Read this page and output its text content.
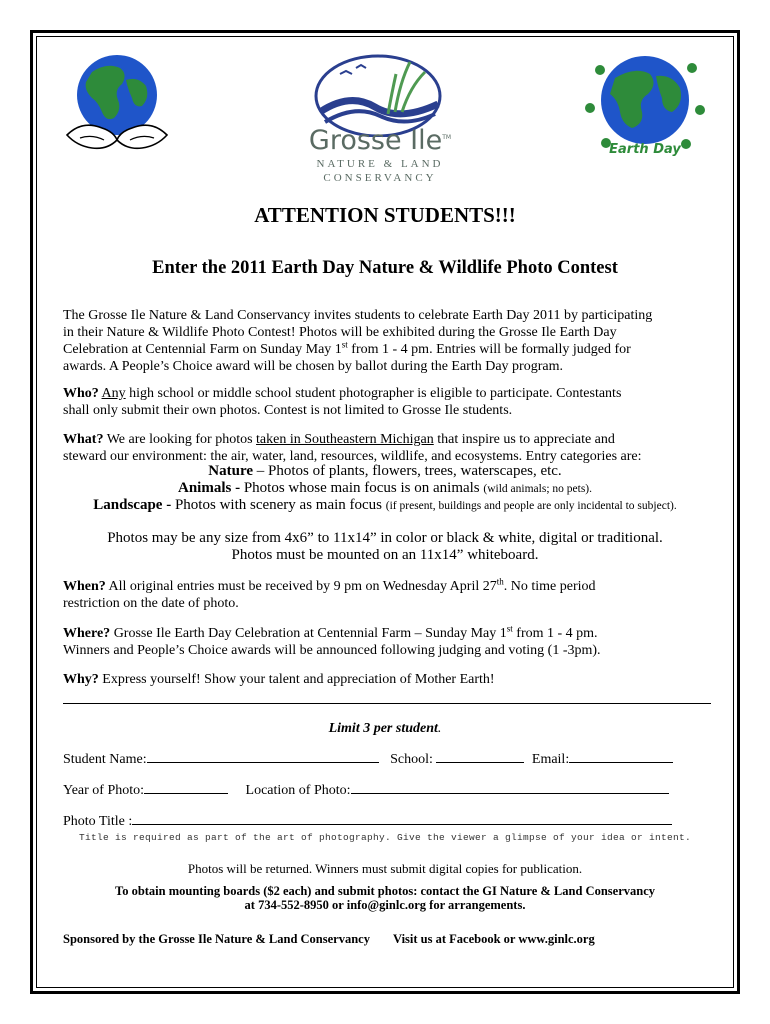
Grosse Ile™
NATURE & LAND
CONSERVANCY
Earth Day
ATTENTION STUDENTS!!!
Enter the 2011 Earth Day Nature & Wildlife Photo Contest
The Grosse Ile Nature & Land Conservancy invites students to celebrate Earth Day 2011 by participating
in their Nature & Wildlife Photo Contest! Photos will be exhibited during the Grosse Ile Earth Day
Celebration at Centennial Farm on Sunday May 1st from 1 - 4 pm. Entries will be formally judged for
awards. A People’s Choice award will be chosen by ballot during the Earth Day program.
Who? Any high school or middle school student photographer is eligible to participate. Contestants
shall only submit their own photos. Contest is not limited to Grosse Ile students.
What? We are looking for photos taken in Southeastern Michigan that inspire us to appreciate and
steward our environment: the air, water, land, resources, wildlife, and ecosystems. Entry categories are:
Nature – Photos of plants, flowers, trees, waterscapes, etc.
Animals - Photos whose main focus is on animals (wild animals; no pets).
Landscape - Photos with scenery as main focus (if present, buildings and people are only incidental to subject).
Photos may be any size from 4x6” to 11x14” in color or black & white, digital or traditional.
Photos must be mounted on an 11x14” whiteboard.
When? All original entries must be received by 9 pm on Wednesday April 27th. No time period
restriction on the date of photo.
Where? Grosse Ile Earth Day Celebration at Centennial Farm – Sunday May 1st from 1 - 4 pm.
Winners and People’s Choice awards will be announced following judging and voting (1 -3pm).
Why? Express yourself! Show your talent and appreciation of Mother Earth!
Limit 3 per student.
Student Name:	School:	Email:
Year of Photo:	Location of Photo:
Photo Title :
Title is required as part of the art of photography. Give the viewer a glimpse of your idea or intent.
Photos will be returned. Winners must submit digital copies for publication.
To obtain mounting boards ($2 each) and submit photos: contact the GI Nature & Land Conservancy
at 734-552-8950 or info@ginlc.org for arrangements.
Sponsored by the Grosse Ile Nature & Land Conservancy Visit us at Facebook or www.ginlc.org
